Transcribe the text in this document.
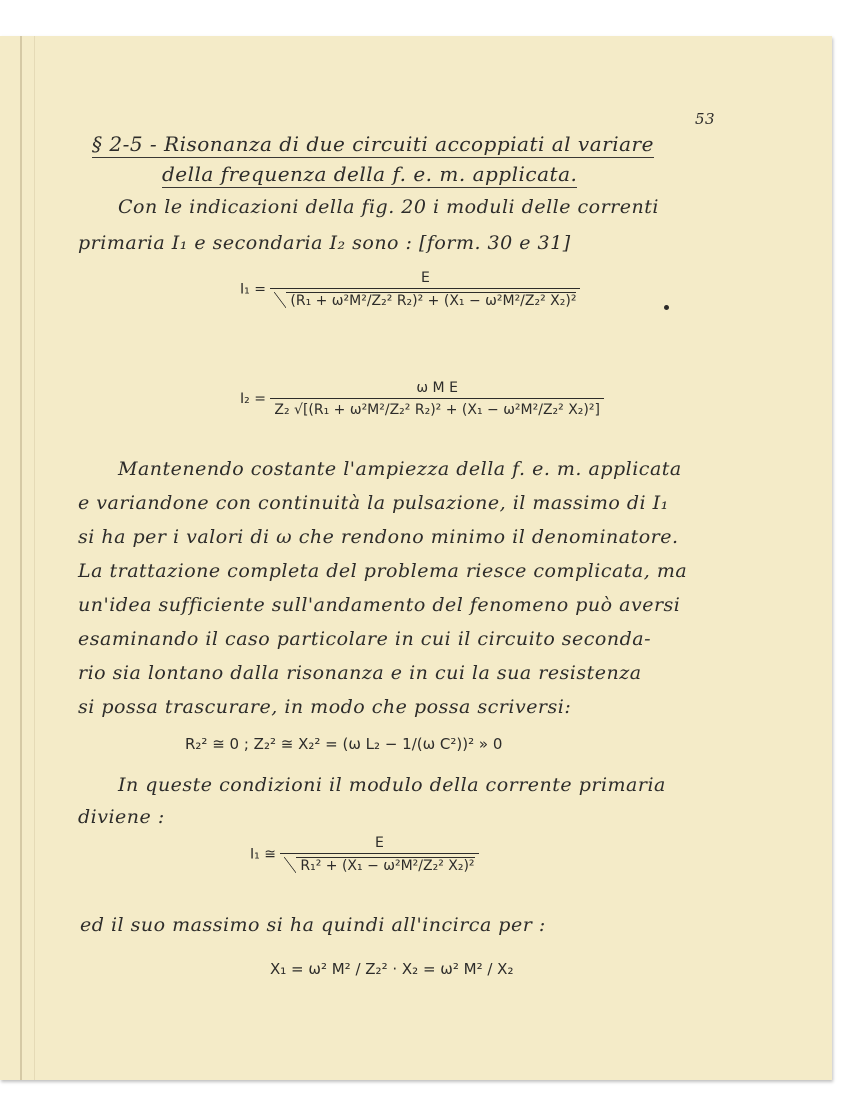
53
§ 2-5 - Risonanza di due circuiti accoppiati al variare
della frequenza della f. e. m. applicata.
Con le indicazioni della fig. 20 i moduli delle correnti
primaria I₁ e secondaria I₂ sono : [form. 30 e 31]
$I_1 = \frac{E}{\text{(R₁ + ω²M²/Z₂² R₂)² + (X₁ − ω²M²/Z₂² X₂)²}}$
$I_2 = \frac{\text{ω M E}}{\text{Z₂ √[(R₁ + ω²M²/Z₂² R₂)² + (X₁ − ω²M²/Z₂² X₂)²]}}$
Mantenendo costante l'ampiezza della f. e. m. applicata
e variandone con continuità la pulsazione, il massimo di I₁
si ha per i valori di ω che rendono minimo il denominatore.
La trattazione completa del problema riesce complicata, ma
un'idea sufficiente sull'andamento del fenomeno può aversi
esaminando il caso particolare in cui il circuito seconda-
rio sia lontano dalla risonanza e in cui la sua resistenza
si possa trascurare, in modo che possa scriversi:
R₂² ≅ 0 ; Z₂² ≅ X₂² = (ω L₂ − 1/(ω C²))² » 0
In queste condizioni il modulo della corrente primaria
diviene :
I₁ ≅ $\frac{E}{\text{R₁² + (X₁ − ω²M²/Z₂² X₂)²}}$
ed il suo massimo si ha quindi all'incirca per :
X₁ = ω² M² / Z₂² · X₂ = ω² M² / X₂
